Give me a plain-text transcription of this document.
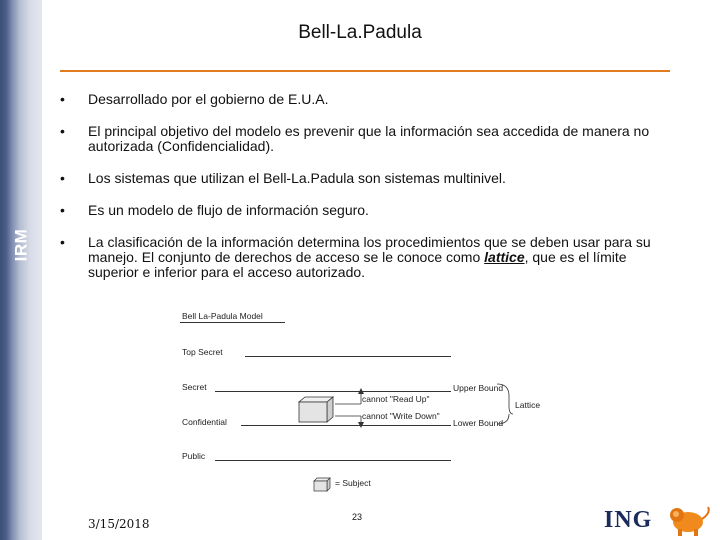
IRM
Bell-La.Padula
• Desarrollado por el gobierno de E.U.A.
• El principal objetivo del modelo es prevenir que la información sea accedida de manera no autorizada (Confidencialidad).
• Los sistemas que utilizan el Bell-La.Padula son sistemas multinivel.
• Es un modelo de flujo de información seguro.
• La clasificación de la información determina los procedimientos que se deben usar para su manejo. El conjunto de derechos de acceso se le conoce como lattice, que es el límite superior e inferior para el acceso autorizado.
Bell La-Padula Model
Top Secret
Secret
Confidential
Public
Upper Bound
Lower Bound
Lattice
cannot "Read Up"
cannot "Write Down"
= Subject
3/15/2018	23	ING
